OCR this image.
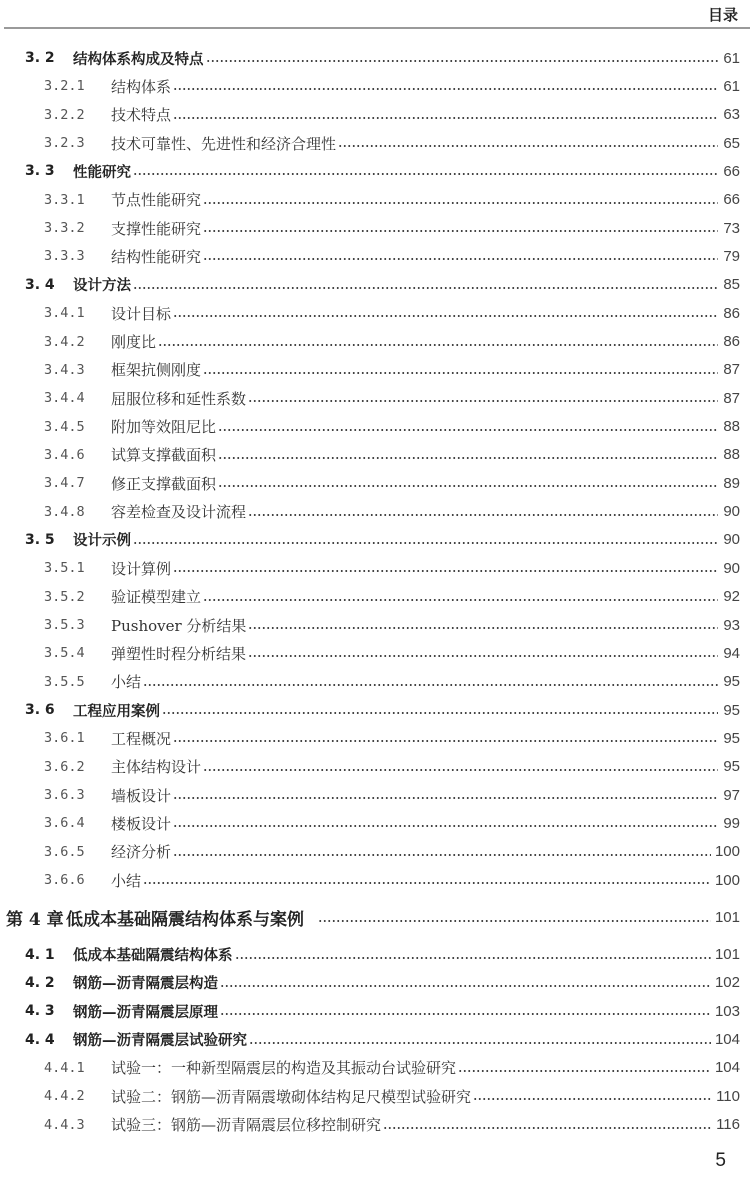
目录
3. 2	结构体系构成及特点	61
3.2.1	结构体系	61
3.2.2	技术特点	63
3.2.3	技术可靠性、先进性和经济合理性	65
3. 3	性能研究	66
3.3.1	节点性能研究	66
3.3.2	支撑性能研究	73
3.3.3	结构性能研究	79
3. 4	设计方法	85
3.4.1	设计目标	86
3.4.2	刚度比	86
3.4.3	框架抗侧刚度	87
3.4.4	屈服位移和延性系数	87
3.4.5	附加等效阻尼比	88
3.4.6	试算支撑截面积	88
3.4.7	修正支撑截面积	89
3.4.8	容差检查及设计流程	90
3. 5	设计示例	90
3.5.1	设计算例	90
3.5.2	验证模型建立	92
3.5.3	Pushover 分析结果	93
3.5.4	弹塑性时程分析结果	94
3.5.5	小结	95
3. 6	工程应用案例	95
3.6.1	工程概况	95
3.6.2	主体结构设计	95
3.6.3	墙板设计	97
3.6.4	楼板设计	99
3.6.5	经济分析	100
3.6.6	小结	100
第 4 章 低成本基础隔震结构体系与案例	101
4. 1	低成本基础隔震结构体系	101
4. 2	钢筋—沥青隔震层构造	102
4. 3	钢筋—沥青隔震层原理	103
4. 4	钢筋—沥青隔震层试验研究	104
4.4.1	试验一：一种新型隔震层的构造及其振动台试验研究	104
4.4.2	试验二：钢筋—沥青隔震墩砌体结构足尺模型试验研究	110
4.4.3	试验三：钢筋—沥青隔震层位移控制研究	116
5
